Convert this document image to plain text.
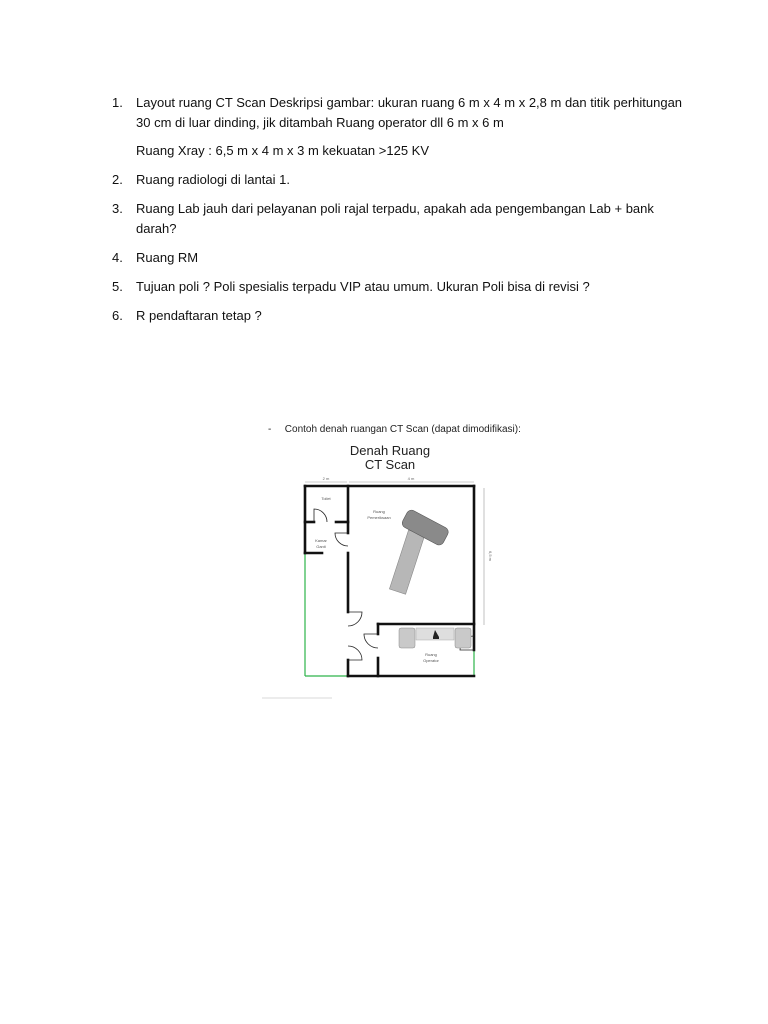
1. Layout ruang CT Scan Deskripsi gambar: ukuran ruang 6 m x 4 m x 2,8 m dan titik perhitungan 30 cm di luar dinding, jik ditambah Ruang operator dll 6 m x 6 m
Ruang Xray : 6,5 m x 4 m x 3 m kekuatan >125 KV
2. Ruang radiologi di lantai 1.
3. Ruang Lab jauh dari pelayanan poli rajal terpadu, apakah ada pengembangan Lab + bank darah?
4. Ruang RM
5. Tujuan poli ? Poli spesialis terpadu VIP atau umum. Ukuran Poli bisa di revisi ?
6. R pendaftaran tetap ?
- Contoh denah ruangan CT Scan (dapat dimodifikasi):
Denah Ruang
CT Scan
2 m	4 m
6,5 m
Toilet
Ruang
Pemeriksaan
Kamar
Ganti
Ruang
Operator
